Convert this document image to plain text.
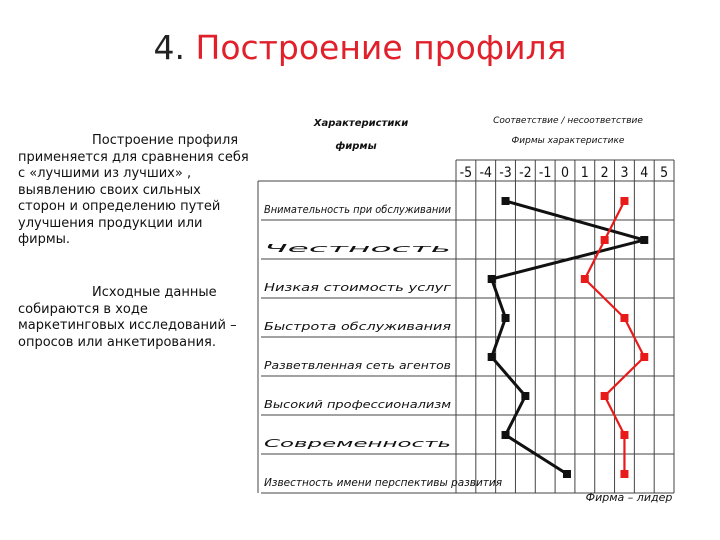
4. Построение профиля
Построение профиля применяется для сравнения себя с «лучшими из лучших» , выявлению своих сильных сторон и определению путей улучшения продукции или фирмы.
Исходные данные собираются в ходе маркетинговых исследований – опросов или анкетирования.
Характеристики
фирмы
Соответствие / несоответствие
Фирмы характеристике
-5 -4 -3 -2 -1 0 1 2 3 4 5
Внимательность при обслуживании
Честность
Низкая стоимость услуг
Быстрота обслуживания
Разветвленная сеть агентов
Высокий профессионализм
Современность
Известность имени перспективы развития
Фирма – лидер
